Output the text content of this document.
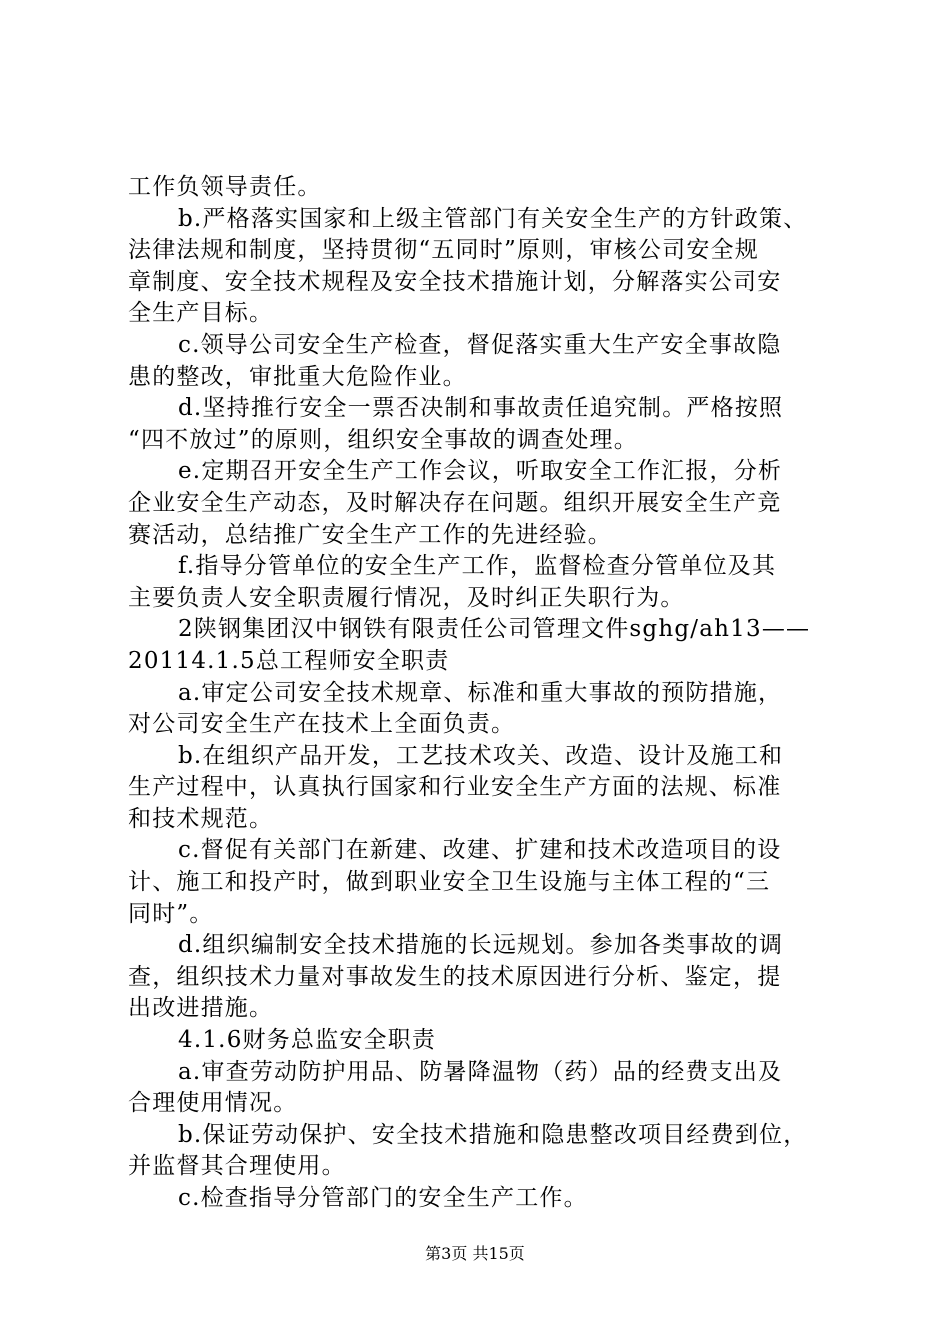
工作负领导责任。
b.严格落实国家和上级主管部门有关安全生产的方针政策、
法律法规和制度，坚持贯彻“五同时”原则，审核公司安全规
章制度、安全技术规程及安全技术措施计划，分解落实公司安
全生产目标。
c.领导公司安全生产检查，督促落实重大生产安全事故隐
患的整改，审批重大危险作业。
d.坚持推行安全一票否决制和事故责任追究制。严格按照
“四不放过”的原则，组织安全事故的调查处理。
e.定期召开安全生产工作会议，听取安全工作汇报，分析
企业安全生产动态，及时解决存在问题。组织开展安全生产竞
赛活动，总结推广安全生产工作的先进经验。
f.指导分管单位的安全生产工作，监督检查分管单位及其
主要负责人安全职责履行情况，及时纠正失职行为。
2陕钢集团汉中钢铁有限责任公司管理文件sghg/ah13——
20114.1.5总工程师安全职责
a.审定公司安全技术规章、标准和重大事故的预防措施，
对公司安全生产在技术上全面负责。
b.在组织产品开发，工艺技术攻关、改造、设计及施工和
生产过程中，认真执行国家和行业安全生产方面的法规、标准
和技术规范。
c.督促有关部门在新建、改建、扩建和技术改造项目的设
计、施工和投产时，做到职业安全卫生设施与主体工程的“三
同时”。
d.组织编制安全技术措施的长远规划。参加各类事故的调
查，组织技术力量对事故发生的技术原因进行分析、鉴定，提
出改进措施。
4.1.6财务总监安全职责
a.审查劳动防护用品、防暑降温物（药）品的经费支出及
合理使用情况。
b.保证劳动保护、安全技术措施和隐患整改项目经费到位，
并监督其合理使用。
c.检查指导分管部门的安全生产工作。
第3页 共15页
